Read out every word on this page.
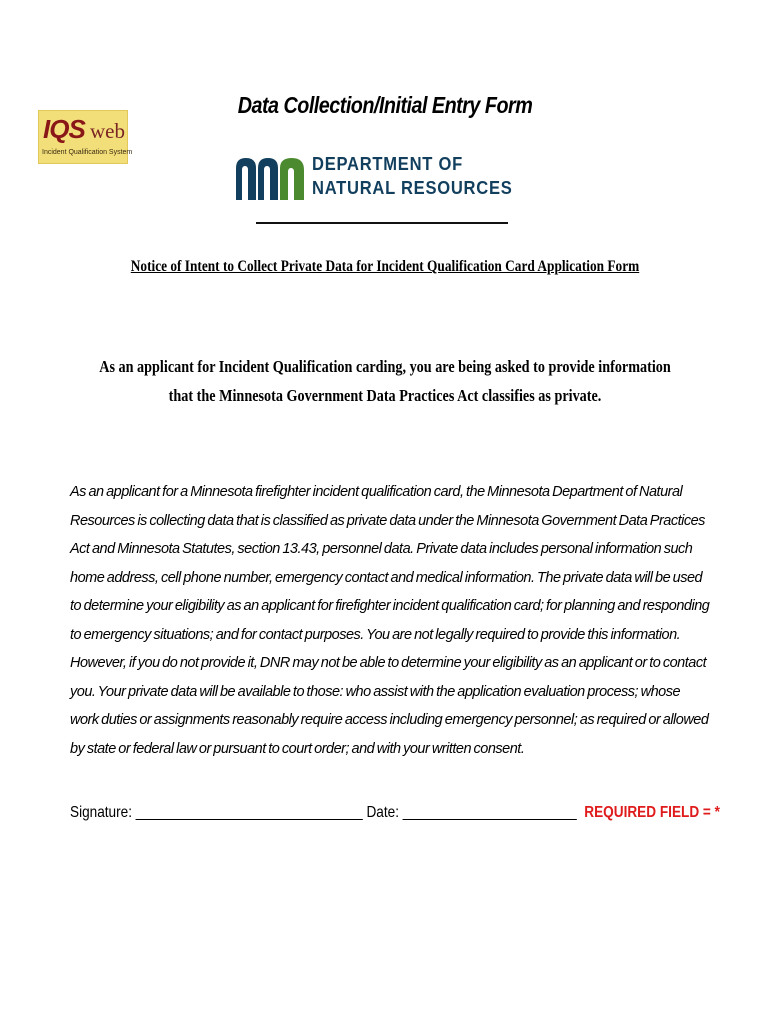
IQS web
Incident Qualification System
Data Collection/Initial Entry Form
DEPARTMENT OF
NATURAL RESOURCES
Notice of Intent to Collect Private Data for Incident Qualification Card Application Form
As an applicant for Incident Qualification carding, you are being asked to provide information that the Minnesota Government Data Practices Act classifies as private.

As an applicant for a Minnesota firefighter incident qualification card, the Minnesota Department of Natural Resources is collecting data that is classified as private data under the Minnesota Government Data Practices Act and Minnesota Statutes, section 13.43, personnel data. Private data includes personal information such home address, cell phone number, emergency contact and medical information. The private data will be used to determine your eligibility as an applicant for firefighter incident qualification card; for planning and responding to emergency situations; and for contact purposes. You are not legally required to provide this information. However, if you do not provide it, DNR may not be able to determine your eligibility as an applicant or to contact you. Your private data will be available to those: who assist with the application evaluation process; whose work duties or assignments reasonably require access including emergency personnel; as required or allowed by state or federal law or pursuant to court order; and with your written consent.

Signature: ______________________________ Date: _______________________ REQUIRED FIELD = *
